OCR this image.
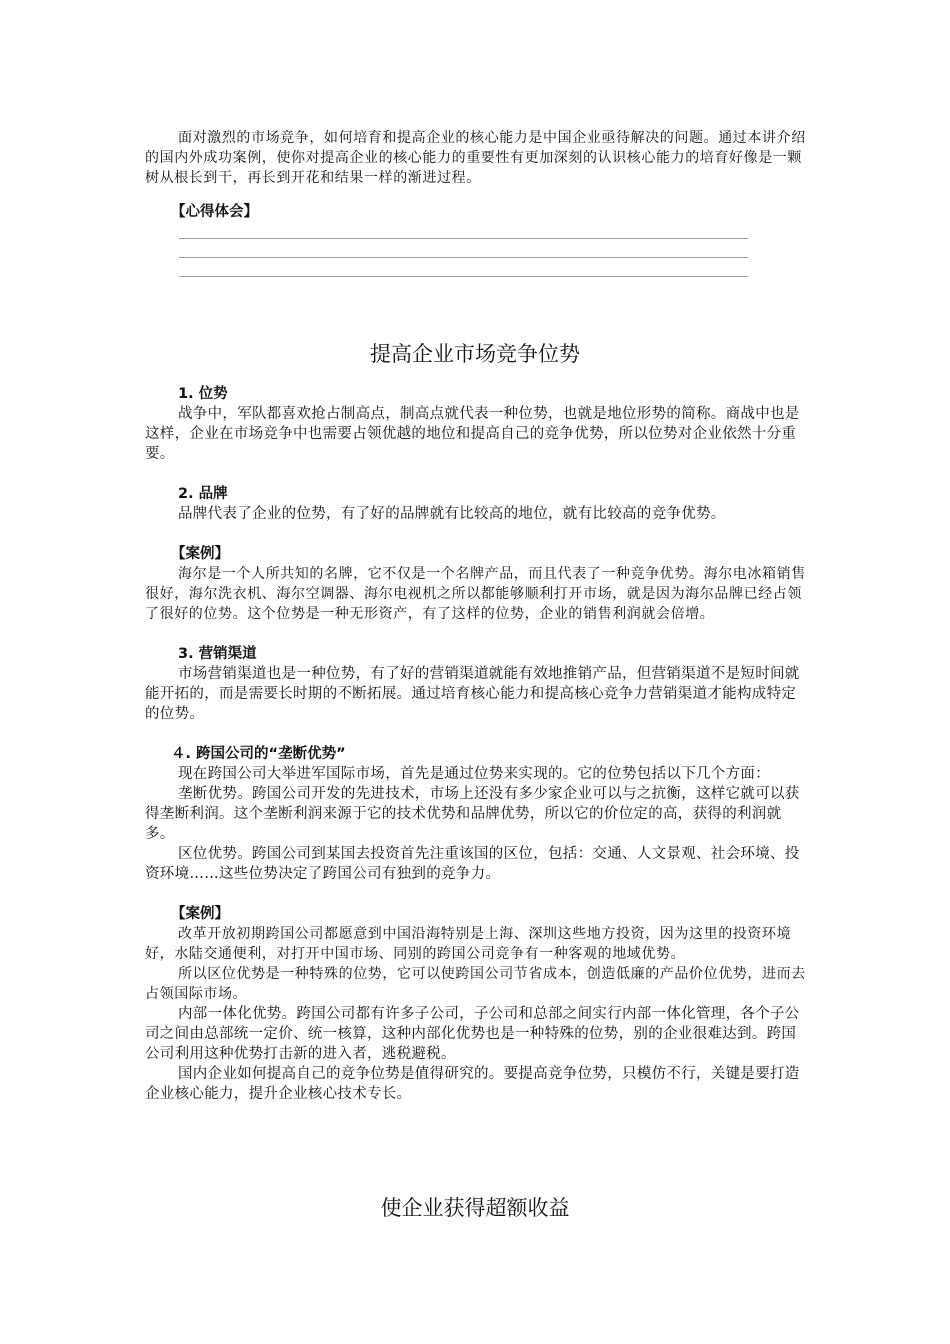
面对激烈的市场竞争，如何培育和提高企业的核心能力是中国企业亟待解决的问题。通过本讲介绍的国内外成功案例，使你对提高企业的核心能力的重要性有更加深刻的认识核心能力的培育好像是一颗树从根长到干，再长到开花和结果一样的渐进过程。

【心得体会】

提高企业市场竞争位势

1. 位势

战争中，军队都喜欢抢占制高点，制高点就代表一种位势，也就是地位形势的简称。商战中也是这样，企业在市场竞争中也需要占领优越的地位和提高自己的竞争优势，所以位势对企业依然十分重要。

2. 品牌

品牌代表了企业的位势，有了好的品牌就有比较高的地位，就有比较高的竞争优势。

【案例】

海尔是一个人所共知的名牌，它不仅是一个名牌产品，而且代表了一种竞争优势。海尔电冰箱销售很好，海尔洗衣机、海尔空调器、海尔电视机之所以都能够顺利打开市场，就是因为海尔品牌已经占领了很好的位势。这个位势是一种无形资产，有了这样的位势，企业的销售利润就会倍增。

3. 营销渠道

市场营销渠道也是一种位势，有了好的营销渠道就能有效地推销产品，但营销渠道不是短时间就能开拓的，而是需要长时期的不断拓展。通过培育核心能力和提高核心竞争力营销渠道才能构成特定的位势。

４. 跨国公司的“垄断优势”

现在跨国公司大举进军国际市场，首先是通过位势来实现的。它的位势包括以下几个方面：

垄断优势。跨国公司开发的先进技术，市场上还没有多少家企业可以与之抗衡，这样它就可以获得垄断利润。这个垄断利润来源于它的技术优势和品牌优势，所以它的价位定的高，获得的利润就多。

区位优势。跨国公司到某国去投资首先注重该国的区位，包括：交通、人文景观、社会环境、投资环境……这些位势决定了跨国公司有独到的竞争力。

【案例】

改革开放初期跨国公司都愿意到中国沿海特别是上海、深圳这些地方投资，因为这里的投资环境好，水陆交通便利，对打开中国市场、同别的跨国公司竞争有一种客观的地域优势。

所以区位优势是一种特殊的位势，它可以使跨国公司节省成本，创造低廉的产品价位优势，进而去占领国际市场。

内部一体化优势。跨国公司都有许多子公司，子公司和总部之间实行内部一体化管理，各个子公司之间由总部统一定价、统一核算，这种内部化优势也是一种特殊的位势，别的企业很难达到。跨国公司利用这种优势打击新的进入者，逃税避税。

国内企业如何提高自己的竞争位势是值得研究的。要提高竞争位势，只模仿不行，关键是要打造企业核心能力，提升企业核心技术专长。

使企业获得超额收益
